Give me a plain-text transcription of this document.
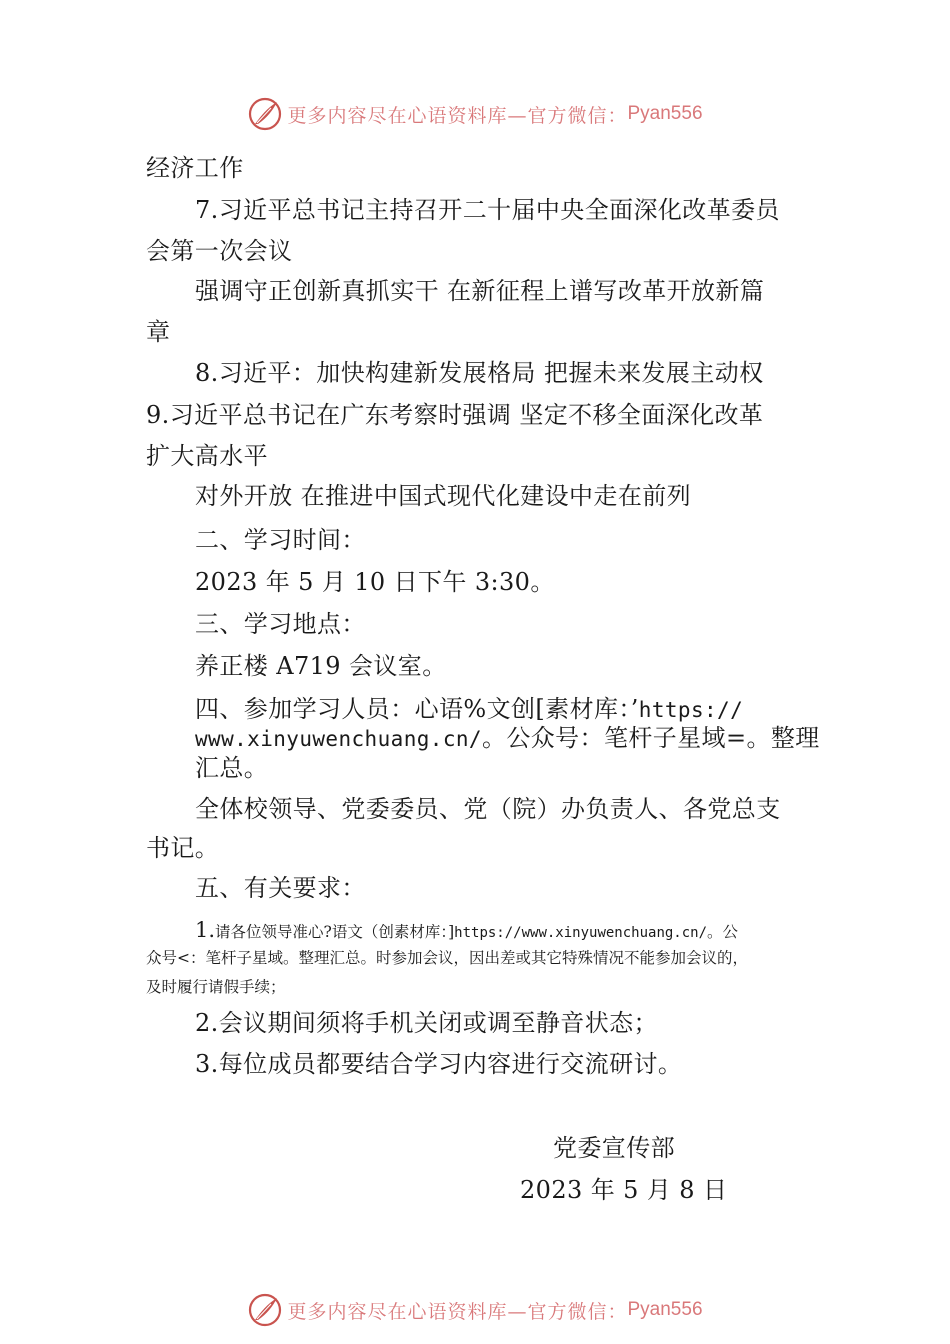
更多内容尽在心语资料库—官方微信： Pyan556
经济工作
7.习近平总书记主持召开二十届中央全面深化改革委员
会第一次会议
强调守正创新真抓实干 在新征程上谱写改革开放新篇
章
8.习近平：加快构建新发展格局 把握未来发展主动权
9.习近平总书记在广东考察时强调 坚定不移全面深化改革
扩大高水平
对外开放 在推进中国式现代化建设中走在前列
二、学习时间：
2023 年 5 月 10 日下午 3:30。
三、学习地点：
养正楼 A719 会议室。
四、参加学习人员：心语%文创[素材库：’https://
www.xinyuwenchuang.cn/。公众号：笔杆子星域=。整理
汇总。
全体校领导、党委委员、党（院）办负责人、各党总支
书记。
五、有关要求：
1.请各位领导准心?语文（创素材库：]https://www.xinyuwenchuang.cn/。公
众号<：笔杆子星域。整理汇总。时参加会议，因出差或其它特殊情况不能参加会议的，
及时履行请假手续；
2.会议期间须将手机关闭或调至静音状态；
3.每位成员都要结合学习内容进行交流研讨。
党委宣传部
2023 年 5 月 8 日
更多内容尽在心语资料库—官方微信： Pyan556
